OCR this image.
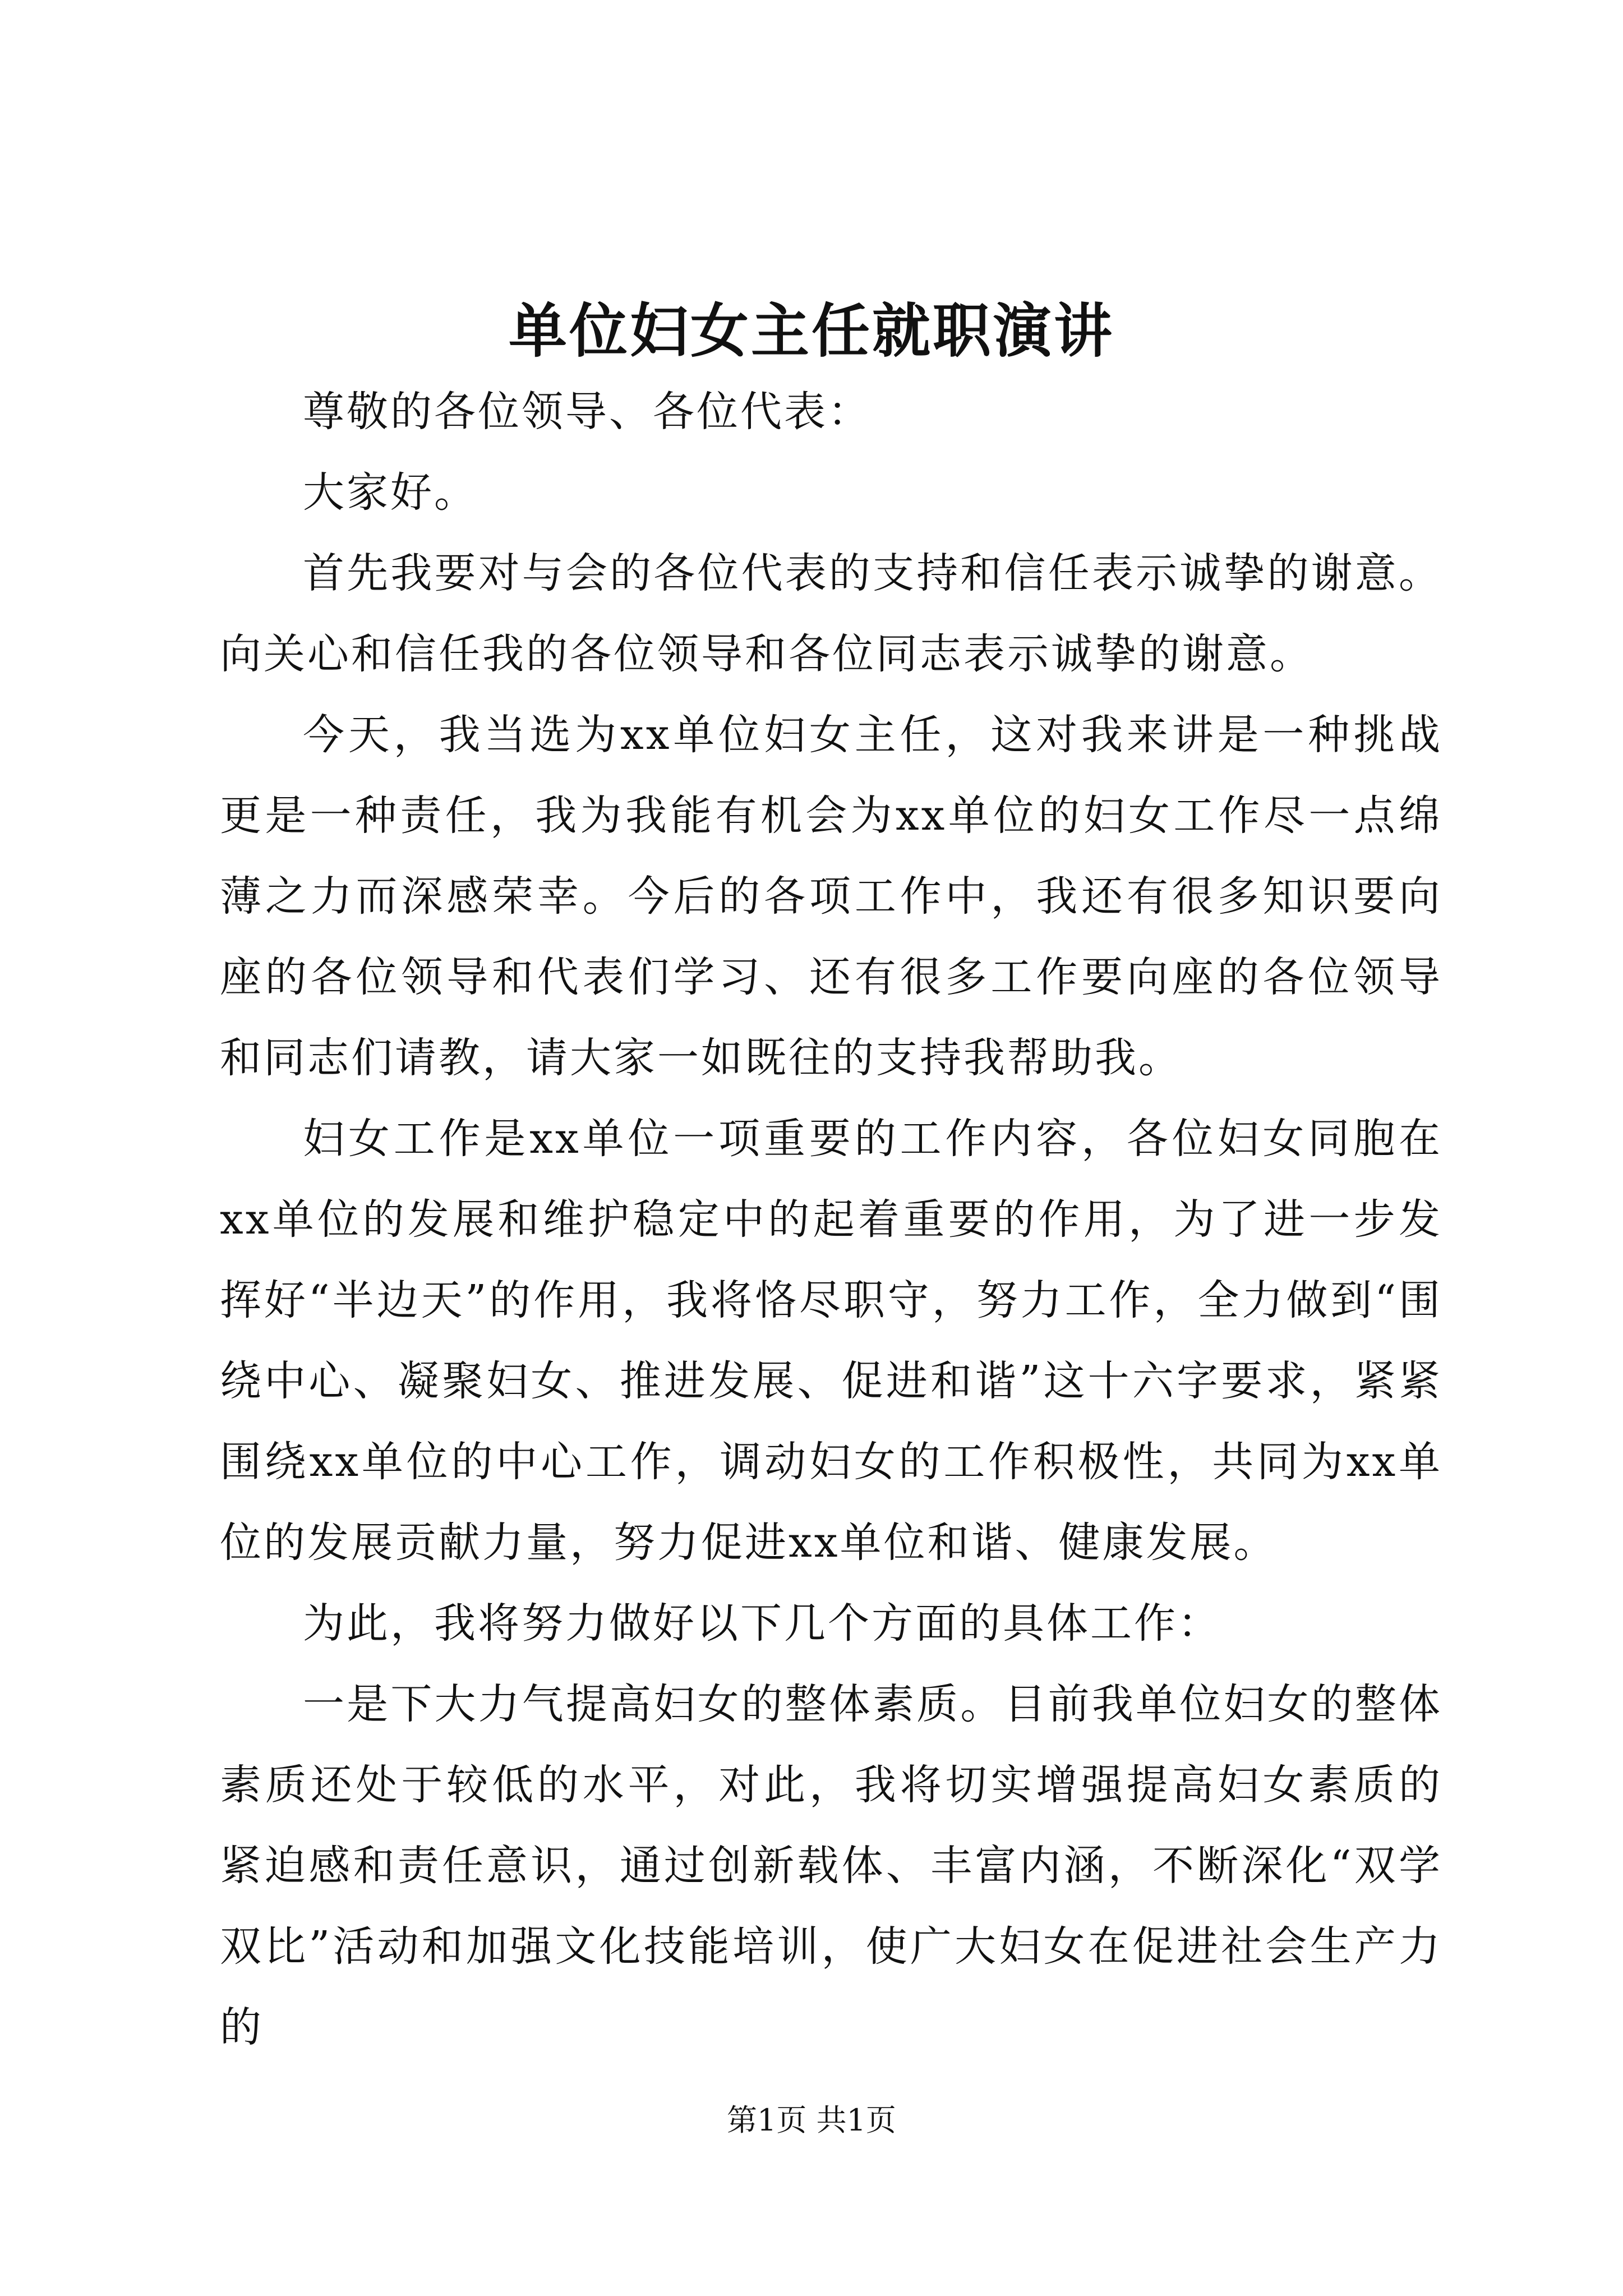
单位妇女主任就职演讲

尊敬的各位领导、各位代表：

大家好。

首先我要对与会的各位代表的支持和信任表示诚挚的谢意。向关心和信任我的各位领导和各位同志表示诚挚的谢意。

今天，我当选为xx单位妇女主任，这对我来讲是一种挑战更是一种责任，我为我能有机会为xx单位的妇女工作尽一点绵薄之力而深感荣幸。今后的各项工作中，我还有很多知识要向座的各位领导和代表们学习、还有很多工作要向座的各位领导和同志们请教，请大家一如既往的支持我帮助我。

妇女工作是xx单位一项重要的工作内容，各位妇女同胞在xx单位的发展和维护稳定中的起着重要的作用，为了进一步发挥好“半边天”的作用，我将恪尽职守，努力工作，全力做到“围绕中心、凝聚妇女、推进发展、促进和谐”这十六字要求，紧紧围绕xx单位的中心工作，调动妇女的工作积极性，共同为xx单位的发展贡献力量，努力促进xx单位和谐、健康发展。

为此，我将努力做好以下几个方面的具体工作：

一是下大力气提高妇女的整体素质。目前我单位妇女的整体素质还处于较低的水平，对此，我将切实增强提高妇女素质的紧迫感和责任意识，通过创新载体、丰富内涵，不断深化“双学双比”活动和加强文化技能培训，使广大妇女在促进社会生产力的

第1页 共1页
